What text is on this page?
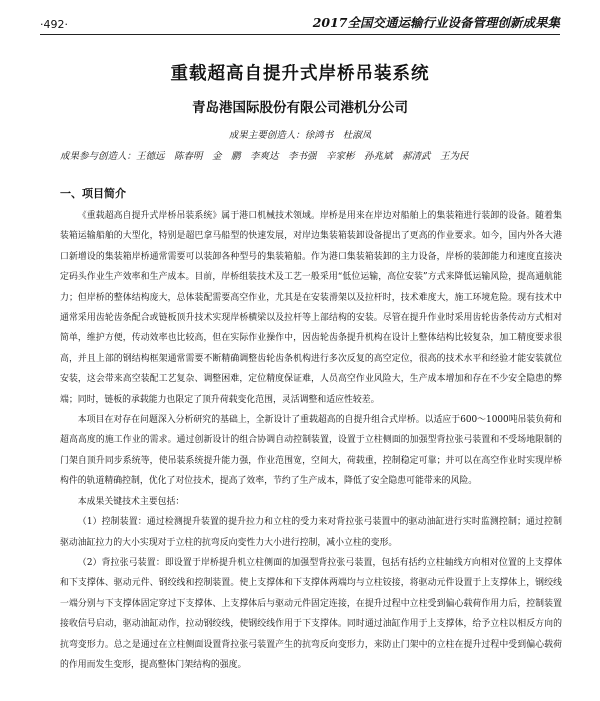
·492·	2017全国交通运输行业设备管理创新成果集
重载超高自提升式岸桥吊装系统
青岛港国际股份有限公司港机分公司
成果主要创造人：徐鸿书　杜淑凤
成果参与创造人：王德远　陈春明　金　鹏　李爽达　李书强　辛家彬　孙兆斌　郝清武　王为民
一、项目简介

《重载超高自提升式岸桥吊装系统》属于港口机械技术领域。岸桥是用来在岸边对船舶上的集装箱进行装卸的设备。随着集装箱运输船舶的大型化，特别是超巴拿马船型的快速发展，对岸边集装箱装卸设备提出了更高的作业要求。如今，国内外各大港口新增设的集装箱岸桥通常需要可以装卸各种型号的集装箱船。作为港口集装箱装卸的主力设备，岸桥的装卸能力和速度直接决定码头作业生产效率和生产成本。目前，岸桥组装技术及工艺一般采用“低位运输，高位安装”方式来降低运输风险，提高通航能力；但岸桥的整体结构庞大，总体装配需要高空作业，尤其是在安装滑架以及拉杆时，技术难度大，施工环境危险。现有技术中通常采用齿轮齿条配合或链板顶升技术实现岸桥横梁以及拉杆等上部结构的安装。尽管在提升作业时采用齿轮齿条传动方式相对简单，维护方便，传动效率也比较高，但在实际作业操作中，因齿轮齿条提升机构在设计上整体结构比较复杂，加工精度要求很高，并且上部的钢结构框架通常需要不断精确调整齿轮齿条机构进行多次反复的高空定位，很高的技术水平和经验才能安装就位安装，这会带来高空装配工艺复杂、调整困难，定位精度保证难，人员高空作业风险大，生产成本增加和存在不少安全隐患的弊端；同时，链板的承载能力也限定了顶升荷载变化范围，灵活调整和适应性较差。

本项目在对存在问题深入分析研究的基础上，全新设计了重载超高的自提升组合式岸桥。以适应于600～1000吨吊装负荷和超高高度的施工作业的需求。通过创新设计的组合协调自动控制装置，设置于立柱侧面的加强型背拉张弓装置和不受场地限制的门架自顶升同步系统等，使吊装系统提升能力强，作业范围宽，空间大，荷载重，控制稳定可靠；并可以在高空作业时实现岸桥构件的轨道精确控制，优化了对位技术，提高了效率，节约了生产成本，降低了安全隐患可能带来的风险。

本成果关键技术主要包括：

（1）控制装置：通过检测提升装置的提升拉力和立柱的受力来对背拉张弓装置中的驱动油缸进行实时监测控制；通过控制驱动油缸拉力的大小实现对于立柱的抗弯反向变性力大小进行控制，减小立柱的变形。

（2）背拉张弓装置：即设置于岸桥提升机立柱侧面的加强型背拉张弓装置，包括有括约立柱轴线方向相对位置的上支撑体和下支撑体、驱动元件、钢绞线和控制装置。使上支撑体和下支撑体两端均与立柱铰接，将驱动元件设置于上支撑体上，钢绞线一端分别与下支撑体固定穿过下支撑体、上支撑体后与驱动元件固定连接，在提升过程中立柱受到偏心载荷作用力后，控制装置接收信号启动，驱动油缸动作，拉动钢绞线，使钢绞线作用于下支撑体。同时通过油缸作用于上支撑体，给予立柱以相反方向的抗弯变形力。总之是通过在立柱侧面设置背拉张弓装置产生的抗弯反向变形力，来防止门架中的立柱在提升过程中受到偏心载荷的作用而发生变形，提高整体门架结构的强度。
